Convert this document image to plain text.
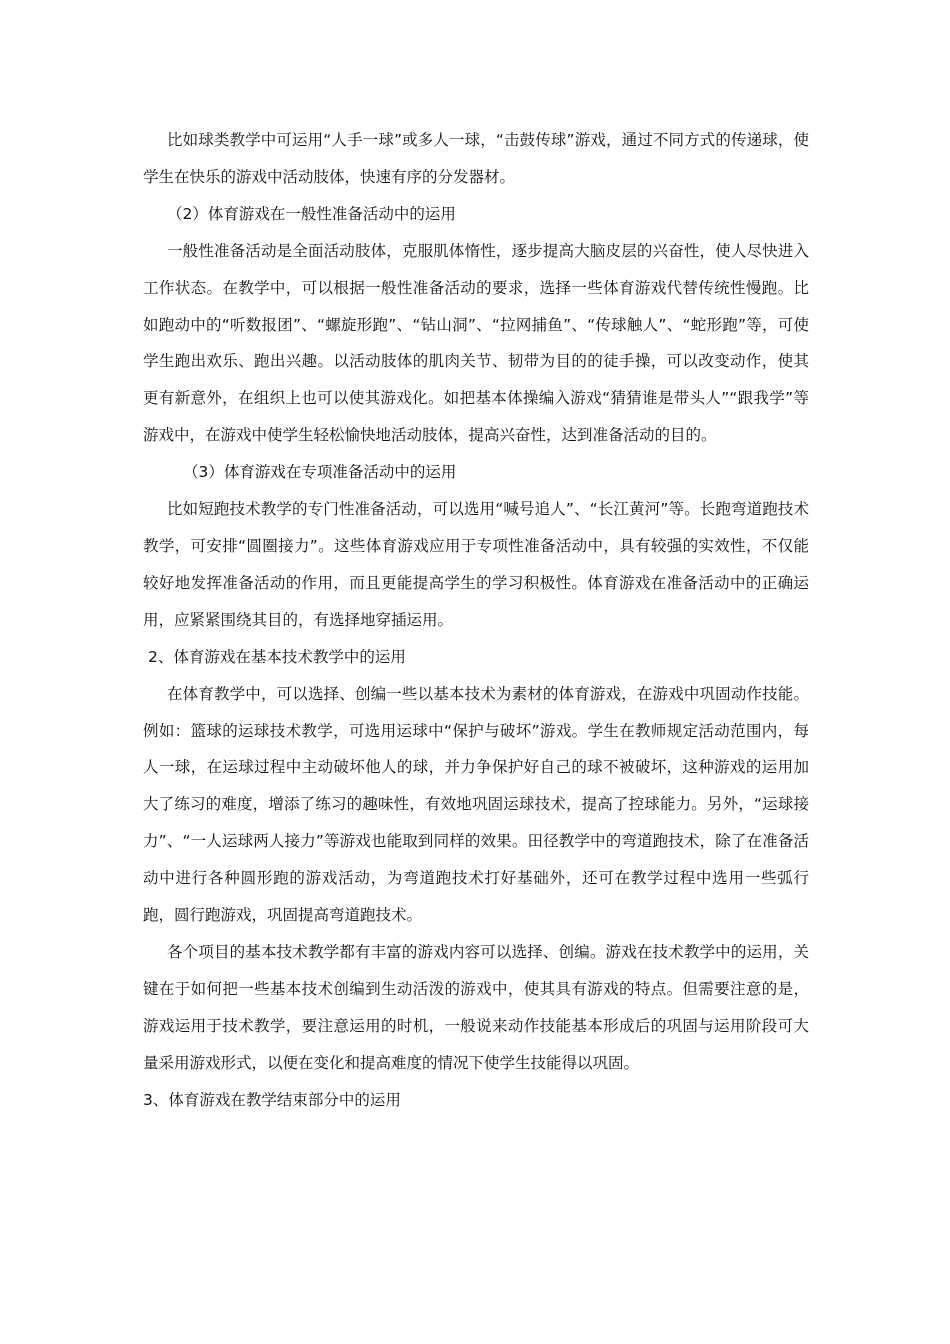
比如球类教学中可运用“人手一球”或多人一球，“击鼓传球”游戏，通过不同方式的传递球，使学生在快乐的游戏中活动肢体，快速有序的分发器材。

（2）体育游戏在一般性准备活动中的运用

一般性准备活动是全面活动肢体，克服肌体惰性，逐步提高大脑皮层的兴奋性，使人尽快进入工作状态。在教学中，可以根据一般性准备活动的要求，选择一些体育游戏代替传统性慢跑。比如跑动中的“听数报团”、“螺旋形跑”、“钻山洞”、“拉网捕鱼”、“传球触人”、“蛇形跑”等，可使学生跑出欢乐、跑出兴趣。以活动肢体的肌肉关节、韧带为目的的徒手操，可以改变动作，使其更有新意外，在组织上也可以使其游戏化。如把基本体操编入游戏“猜猜谁是带头人”“跟我学”等游戏中，在游戏中使学生轻松愉快地活动肢体，提高兴奋性，达到准备活动的目的。

（3）体育游戏在专项准备活动中的运用

比如短跑技术教学的专门性准备活动，可以选用“喊号追人”、“长江黄河”等。长跑弯道跑技术教学，可安排“圆圈接力”。这些体育游戏应用于专项性准备活动中，具有较强的实效性，不仅能较好地发挥准备活动的作用，而且更能提高学生的学习积极性。体育游戏在准备活动中的正确运用，应紧紧围绕其目的，有选择地穿插运用。

2、体育游戏在基本技术教学中的运用

在体育教学中，可以选择、创编一些以基本技术为素材的体育游戏，在游戏中巩固动作技能。例如：篮球的运球技术教学，可选用运球中“保护与破坏”游戏。学生在教师规定活动范围内，每人一球，在运球过程中主动破坏他人的球，并力争保护好自己的球不被破坏，这种游戏的运用加大了练习的难度，增添了练习的趣味性，有效地巩固运球技术，提高了控球能力。另外，“运球接力”、“一人运球两人接力”等游戏也能取到同样的效果。田径教学中的弯道跑技术，除了在准备活动中进行各种圆形跑的游戏活动，为弯道跑技术打好基础外，还可在教学过程中选用一些弧行跑，圆行跑游戏，巩固提高弯道跑技术。

各个项目的基本技术教学都有丰富的游戏内容可以选择、创编。游戏在技术教学中的运用，关键在于如何把一些基本技术创编到生动活泼的游戏中，使其具有游戏的特点。但需要注意的是，游戏运用于技术教学，要注意运用的时机，一般说来动作技能基本形成后的巩固与运用阶段可大量采用游戏形式，以便在变化和提高难度的情况下使学生技能得以巩固。

3、体育游戏在教学结束部分中的运用
